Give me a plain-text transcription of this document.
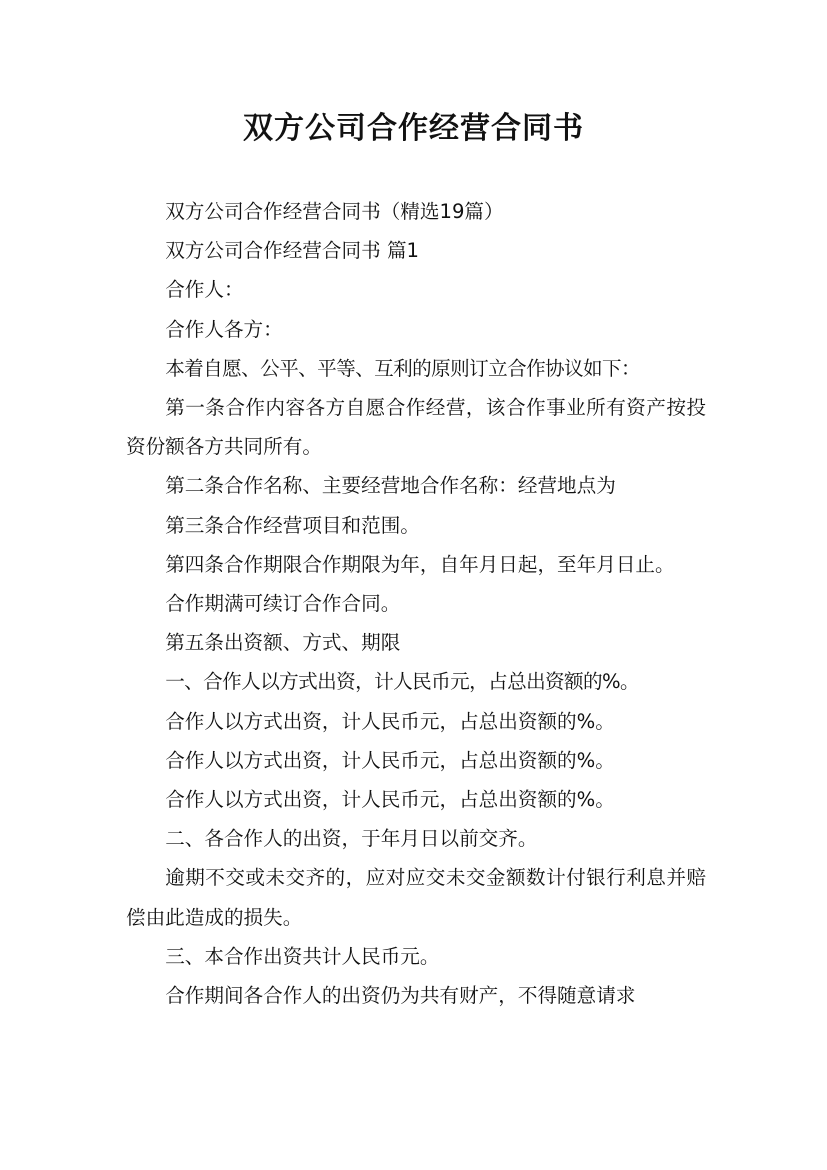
双方公司合作经营合同书

双方公司合作经营合同书（精选19篇）

双方公司合作经营合同书 篇1

合作人：

合作人各方：

本着自愿、公平、平等、互利的原则订立合作协议如下：

第一条合作内容各方自愿合作经营，该合作事业所有资产按投资份额各方共同所有。

第二条合作名称、主要经营地合作名称：经营地点为

第三条合作经营项目和范围。

第四条合作期限合作期限为年，自年月日起，至年月日止。

合作期满可续订合作合同。

第五条出资额、方式、期限

一、合作人以方式出资，计人民币元，占总出资额的%。

合作人以方式出资，计人民币元，占总出资额的%。

合作人以方式出资，计人民币元，占总出资额的%。

合作人以方式出资，计人民币元，占总出资额的%。

二、各合作人的出资，于年月日以前交齐。

逾期不交或未交齐的，应对应交未交金额数计付银行利息并赔偿由此造成的损失。

三、本合作出资共计人民币元。

合作期间各合作人的出资仍为共有财产，不得随意请求
